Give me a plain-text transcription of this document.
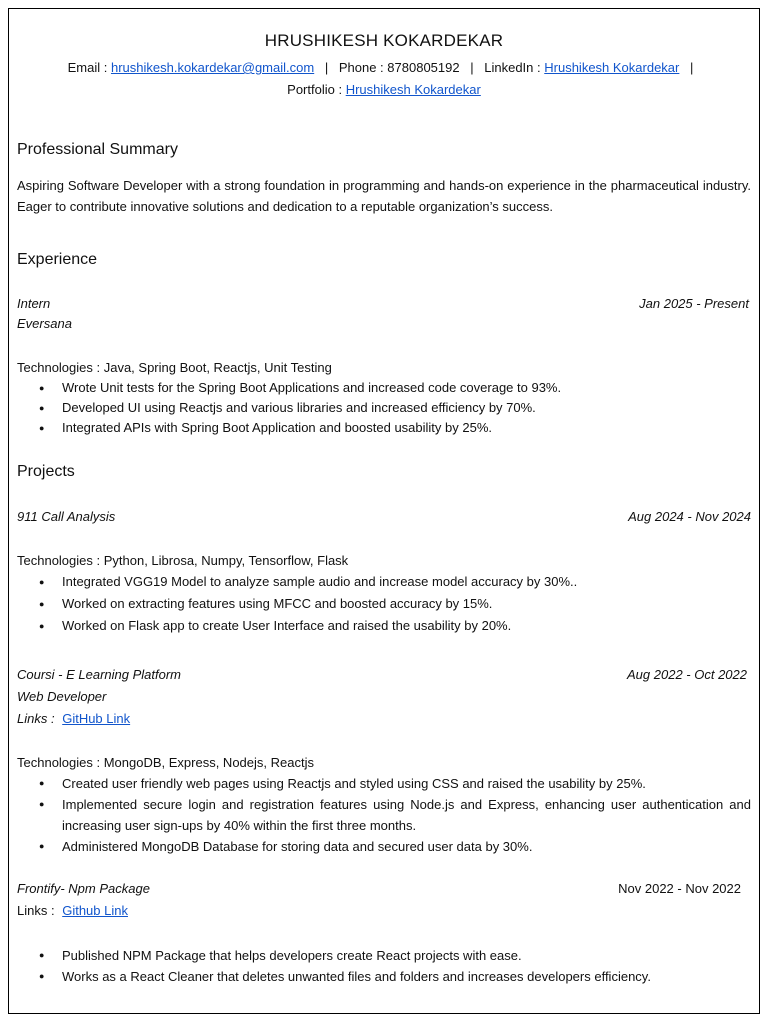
HRUSHIKESH KOKARDEKAR
Email : hrushikesh.kokardekar@gmail.com | Phone : 8780805192 | LinkedIn : Hrushikesh Kokardekar |
Portfolio : Hrushikesh Kokardekar
Professional Summary

Aspiring Software Developer with a strong foundation in programming and hands-on experience in the pharmaceutical industry. Eager to contribute innovative solutions and dedication to a reputable organization’s success.

Experience
Intern	Jan 2025 - Present
Eversana
Technologies : Java, Spring Boot, Reactjs, Unit Testing
● Wrote Unit tests for the Spring Boot Applications and increased code coverage to 93%.
● Developed UI using Reactjs and various libraries and increased efficiency by 70%.
● Integrated APIs with Spring Boot Application and boosted usability by 25%.
Projects
911 Call Analysis	Aug 2024 - Nov 2024
Technologies : Python, Librosa, Numpy, Tensorflow, Flask
● Integrated VGG19 Model to analyze sample audio and increase model accuracy by 30%..
● Worked on extracting features using MFCC and boosted accuracy by 15%.
● Worked on Flask app to create User Interface and raised the usability by 20%.
Coursi - E Learning Platform	Aug 2022 - Oct 2022
Web Developer
Links : GitHub Link
Technologies : MongoDB, Express, Nodejs, Reactjs
● Created user friendly web pages using Reactjs and styled using CSS and raised the usability by 25%.
● Implemented secure login and registration features using Node.js and Express, enhancing user authentication and increasing user sign-ups by 40% within the first three months.
● Administered MongoDB Database for storing data and secured user data by 30%.
Frontify- Npm Package	Nov 2022 - Nov 2022
Links : Github Link
● Published NPM Package that helps developers create React projects with ease.
● Works as a React Cleaner that deletes unwanted files and folders and increases developers efficiency.
